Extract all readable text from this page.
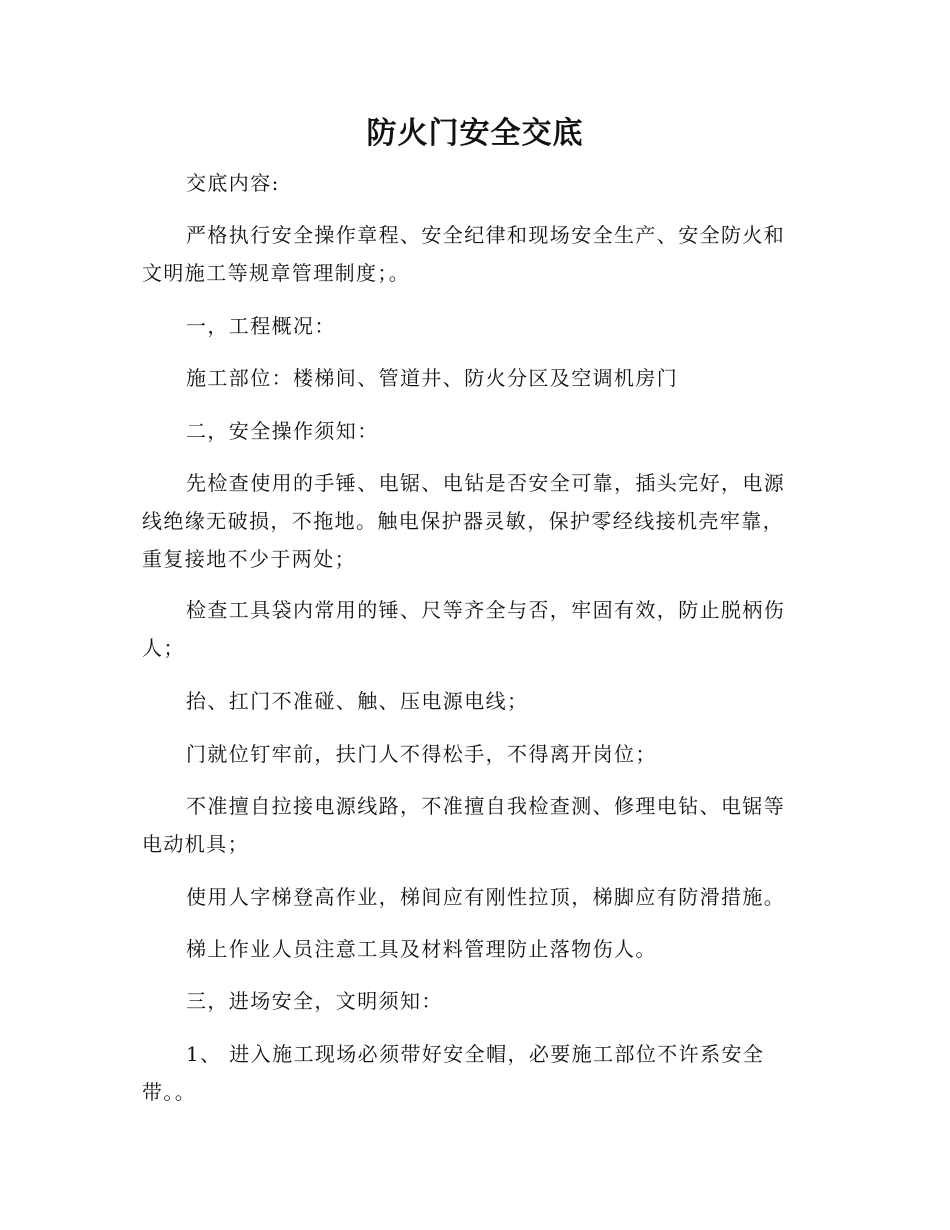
防火门安全交底

交底内容:

严格执行安全操作章程、安全纪律和现场安全生产、安全防火和文明施工等规章管理制度；。

一，工程概况：

施工部位：楼梯间、管道井、防火分区及空调机房门

二，安全操作须知：

先检查使用的手锤、电锯、电钻是否安全可靠，插头完好，电源线绝缘无破损，不拖地。触电保护器灵敏，保护零经线接机壳牢靠，重复接地不少于两处；

检查工具袋内常用的锤、尺等齐全与否，牢固有效，防止脱柄伤人；

抬、扛门不准碰、触、压电源电线；

门就位钉牢前，扶门人不得松手，不得离开岗位；

不准擅自拉接电源线路，不准擅自我检查测、修理电钻、电锯等电动机具；

使用人字梯登高作业，梯间应有刚性拉顶，梯脚应有防滑措施。

梯上作业人员注意工具及材料管理防止落物伤人。

三，进场安全，文明须知：

1、 进入施工现场必须带好安全帽，必要施工部位不许系安全带。。
